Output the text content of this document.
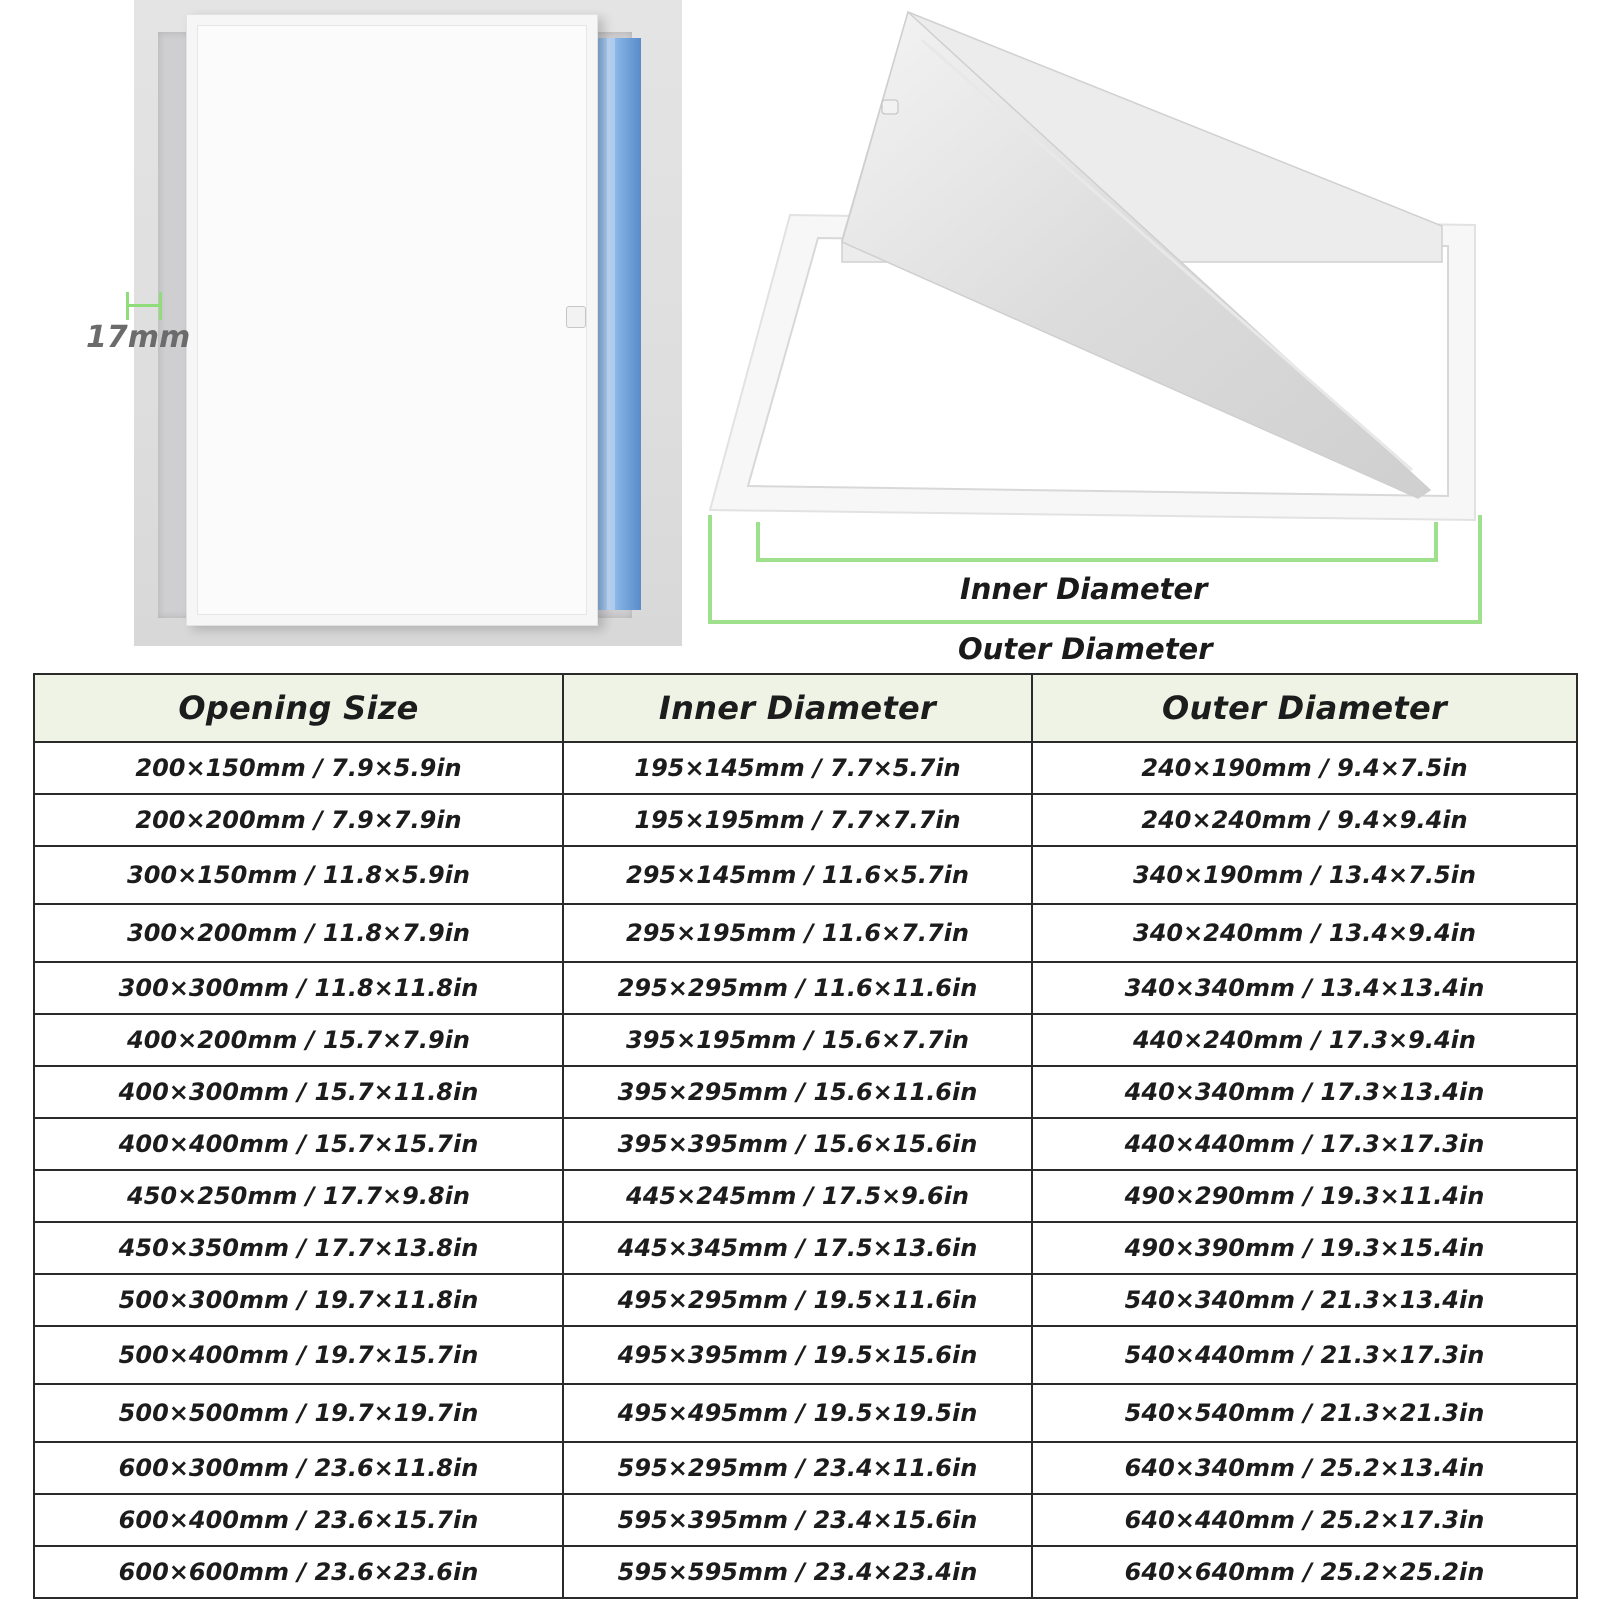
17mm
Inner Diameter
Outer Diameter
Opening Size	Inner Diameter	Outer Diameter
200×150mm / 7.9×5.9in	195×145mm / 7.7×5.7in	240×190mm / 9.4×7.5in
200×200mm / 7.9×7.9in	195×195mm / 7.7×7.7in	240×240mm / 9.4×9.4in
300×150mm / 11.8×5.9in	295×145mm / 11.6×5.7in	340×190mm / 13.4×7.5in
300×200mm / 11.8×7.9in	295×195mm / 11.6×7.7in	340×240mm / 13.4×9.4in
300×300mm / 11.8×11.8in	295×295mm / 11.6×11.6in	340×340mm / 13.4×13.4in
400×200mm / 15.7×7.9in	395×195mm / 15.6×7.7in	440×240mm / 17.3×9.4in
400×300mm / 15.7×11.8in	395×295mm / 15.6×11.6in	440×340mm / 17.3×13.4in
400×400mm / 15.7×15.7in	395×395mm / 15.6×15.6in	440×440mm / 17.3×17.3in
450×250mm / 17.7×9.8in	445×245mm / 17.5×9.6in	490×290mm / 19.3×11.4in
450×350mm / 17.7×13.8in	445×345mm / 17.5×13.6in	490×390mm / 19.3×15.4in
500×300mm / 19.7×11.8in	495×295mm / 19.5×11.6in	540×340mm / 21.3×13.4in
500×400mm / 19.7×15.7in	495×395mm / 19.5×15.6in	540×440mm / 21.3×17.3in
500×500mm / 19.7×19.7in	495×495mm / 19.5×19.5in	540×540mm / 21.3×21.3in
600×300mm / 23.6×11.8in	595×295mm / 23.4×11.6in	640×340mm / 25.2×13.4in
600×400mm / 23.6×15.7in	595×395mm / 23.4×15.6in	640×440mm / 25.2×17.3in
600×600mm / 23.6×23.6in	595×595mm / 23.4×23.4in	640×640mm / 25.2×25.2in
